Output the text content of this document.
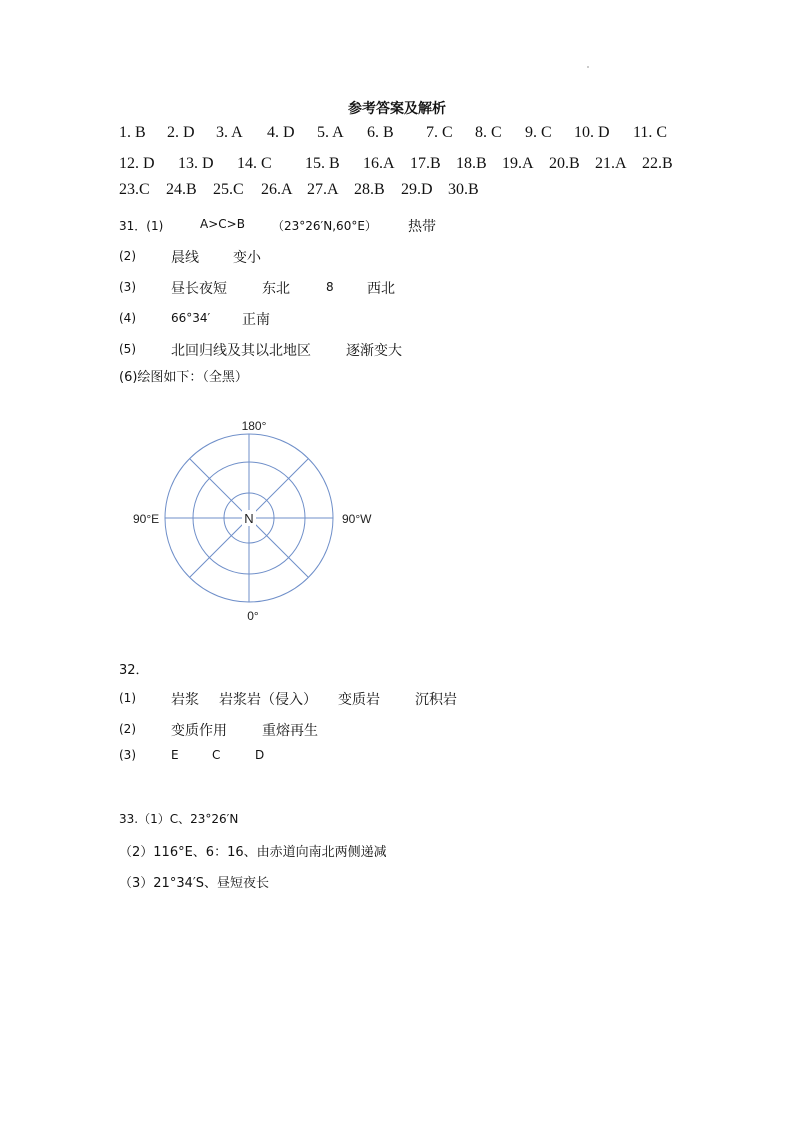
参考答案及解析
1. B 2. D 3. A 4. D 5. A 6. B 7. C 8. C 9. C 10. D 11. C
12. D 13. D 14. C 15. B 16.A 17.B 18.B 19.A 20.B 21.A 22.B
23.C 24.B 25.C 26.A 27.A 28.B 29.D 30.B
31．(1)	A>C>B （23°26′N,60°E） 热带
(2)	晨线 变小
(3)	昼长夜短	东北	8 西北
(4)	66°34′ 正南
(5)	北回归线及其以北地区	逐渐变大
(6)绘图如下：（全黑）
180°
90°E	90°W
0°
N
32．
(1)	岩浆 岩浆岩（侵入） 变质岩	沉积岩
(2)	变质作用	重熔再生
(3)	E	C	D
33.（1）C、23°26′N
（2）116°E、6：16、由赤道向南北两侧递减
（3）21°34′S、昼短夜长
